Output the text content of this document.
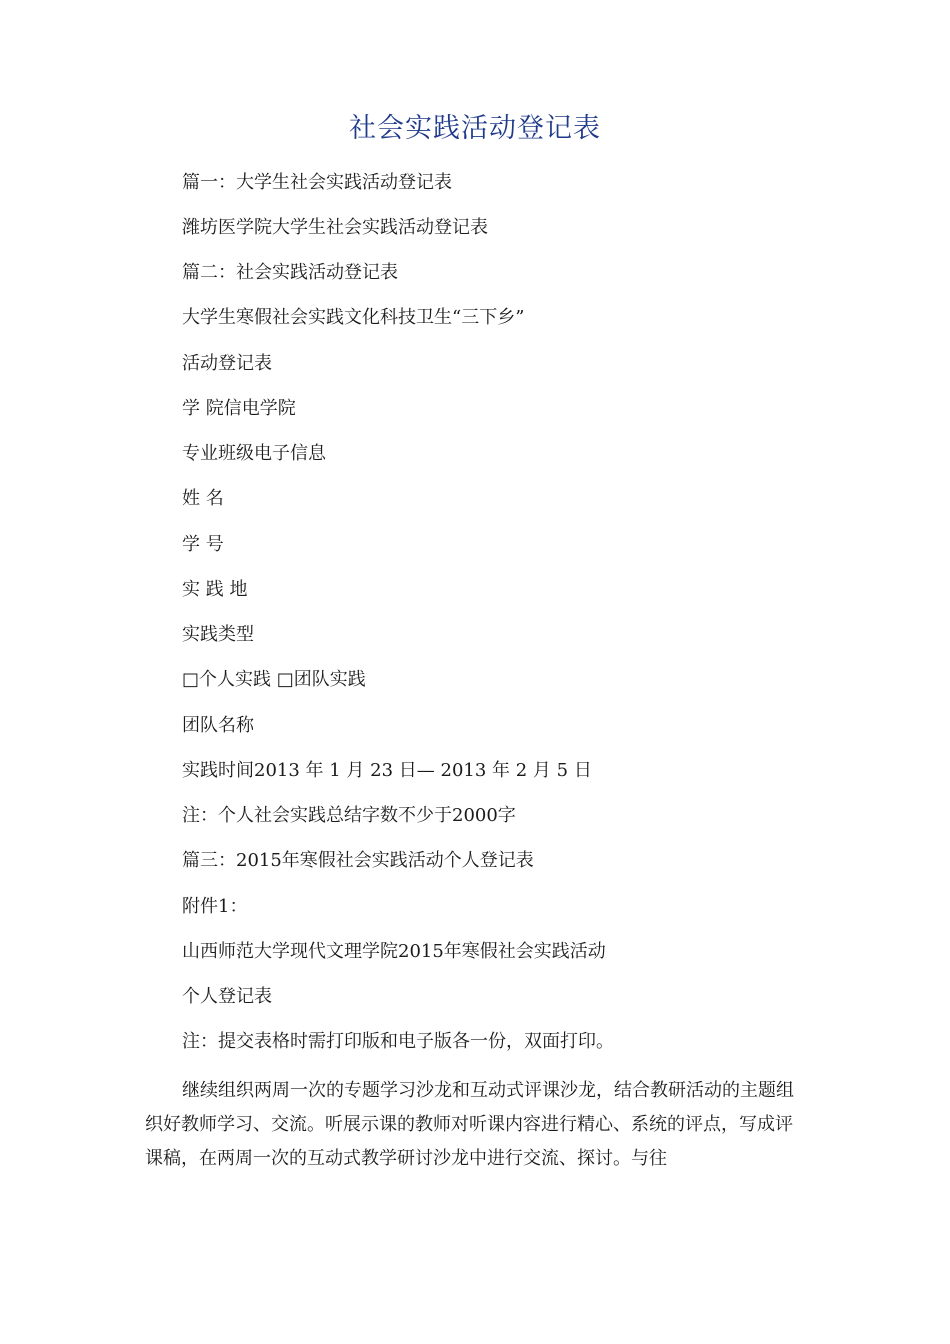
社会实践活动登记表
篇一：大学生社会实践活动登记表
潍坊医学院大学生社会实践活动登记表
篇二：社会实践活动登记表
大学生寒假社会实践文化科技卫生“三下乡”
活动登记表
学 院信电学院
专业班级电子信息
姓 名
学 号
实 践 地
实践类型
□个人实践 □团队实践
团队名称
实践时间2013 年 1 月 23 日— 2013 年 2 月 5 日
注：个人社会实践总结字数不少于2000字
篇三：2015年寒假社会实践活动个人登记表
附件1：
山西师范大学现代文理学院2015年寒假社会实践活动
个人登记表
注：提交表格时需打印版和电子版各一份，双面打印。
继续组织两周一次的专题学习沙龙和互动式评课沙龙，结合教研活动的主题组织好教师学习、交流。听展示课的教师对听课内容进行精心、系统的评点，写成评课稿，在两周一次的互动式教学研讨沙龙中进行交流、探讨。与往
